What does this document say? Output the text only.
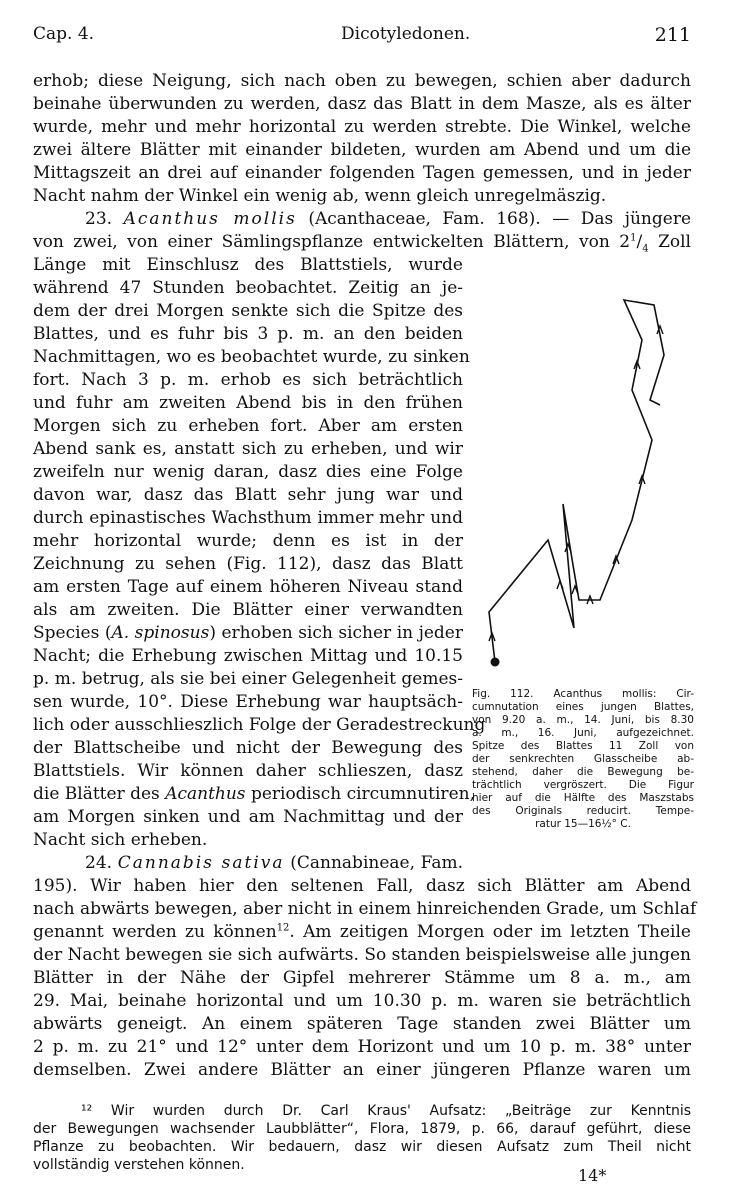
Cap. 4.	Dicotyledonen.	211
erhob; diese Neigung, sich nach oben zu bewegen, schien aber dadurch
beinahe überwunden zu werden, dasz das Blatt in dem Masze, als es älter
wurde, mehr und mehr horizontal zu werden strebte. Die Winkel, welche
zwei ältere Blätter mit einander bildeten, wurden am Abend und um die
Mittagszeit an drei auf einander folgenden Tagen gemessen, und in jeder
Nacht nahm der Winkel ein wenig ab, wenn gleich unregelmäszig.
23. Acanthus mollis (Acanthaceae, Fam. 168). — Das jüngere
von zwei, von einer Sämlingspflanze entwickelten Blättern, von $2^1/_4$ Zoll
Länge mit Einschlusz des Blattstiels, wurde
während 47 Stunden beobachtet. Zeitig an je-
dem der drei Morgen senkte sich die Spitze des
Blattes, und es fuhr bis 3 p. m. an den beiden
Nachmittagen, wo es beobachtet wurde, zu sinken
fort. Nach 3 p. m. erhob es sich beträchtlich
und fuhr am zweiten Abend bis in den frühen
Morgen sich zu erheben fort. Aber am ersten
Abend sank es, anstatt sich zu erheben, und wir
zweifeln nur wenig daran, dasz dies eine Folge
davon war, dasz das Blatt sehr jung war und
durch epinastisches Wachsthum immer mehr und
mehr horizontal wurde; denn es ist in der
Zeichnung zu sehen (Fig. 112), dasz das Blatt
am ersten Tage auf einem höheren Niveau stand
als am zweiten. Die Blätter einer verwandten
Species (A. spinosus) erhoben sich sicher in jeder
Nacht; die Erhebung zwischen Mittag und 10.15
p. m. betrug, als sie bei einer Gelegenheit gemes-
sen wurde, 10°. Diese Erhebung war hauptsäch-
lich oder ausschlieszlich Folge der Geradestreckung
der Blattscheibe und nicht der Bewegung des
Blattstiels. Wir können daher schlieszen, dasz
die Blätter des Acanthus periodisch circumnutiren,
am Morgen sinken und am Nachmittag und der
Nacht sich erheben.
24. Cannabis sativa (Cannabineae, Fam.
195). Wir haben hier den seltenen Fall, dasz sich Blätter am Abend
nach abwärts bewegen, aber nicht in einem hinreichenden Grade, um Schlaf
genannt werden zu können$^{12}$. Am zeitigen Morgen oder im letzten Theile
der Nacht bewegen sie sich aufwärts. So standen beispielsweise alle jungen
Blätter in der Nähe der Gipfel mehrerer Stämme um 8 a. m., am
29. Mai, beinahe horizontal und um 10.30 p. m. waren sie beträchtlich
abwärts geneigt. An einem späteren Tage standen zwei Blätter um
2 p. m. zu 21° und 12° unter dem Horizont und um 10 p. m. 38° unter
demselben. Zwei andere Blätter an einer jüngeren Pflanze waren um
Fig. 112. Acanthus mollis: Cir-
cumnutation eines jungen Blattes,
von 9.20 a. m., 14. Juni, bis 8.30
a. m., 16. Juni, aufgezeichnet.
Spitze des Blattes 11 Zoll von
der senkrechten Glasscheibe ab-
stehend, daher die Bewegung be-
trächtlich vergröszert. Die Figur
hier auf die Hälfte des Maszstabs
des Originals reducirt. Tempe-
ratur 15—16½° C.
¹² Wir wurden durch Dr. Carl Kraus' Aufsatz: „Beiträge zur Kenntnis
der Bewegungen wachsender Laubblätter“, Flora, 1879, p. 66, darauf geführt, diese
Pflanze zu beobachten. Wir bedauern, dasz wir diesen Aufsatz zum Theil nicht
vollständig verstehen können.
14*
